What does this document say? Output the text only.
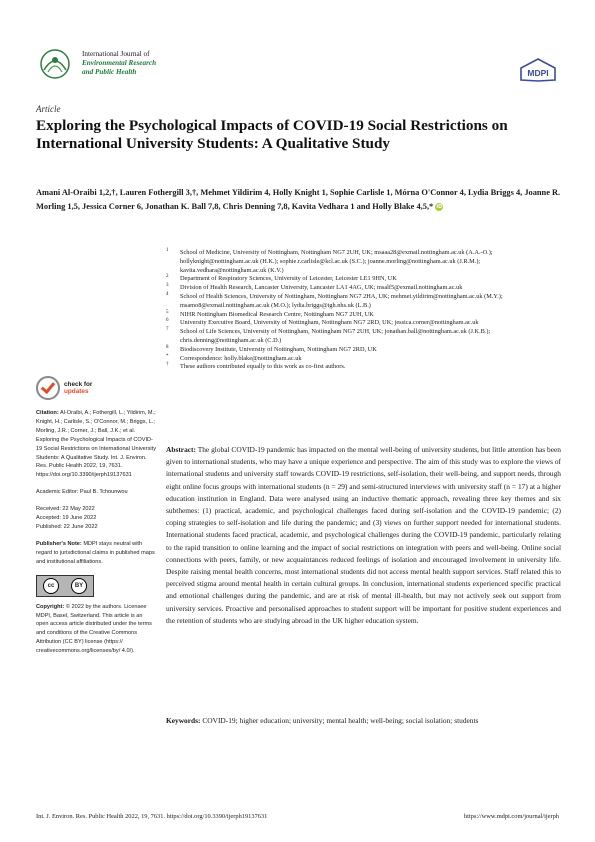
International Journal of
Environmental Research
and Public Health	MDPI
Article
Exploring the Psychological Impacts of COVID-19 Social Restrictions on International University Students: A Qualitative Study
Amani Al-Oraibi 1,2,†, Lauren Fothergill 3,†, Mehmet Yildirim 4, Holly Knight 1, Sophie Carlisle 1, Mórna O'Connor 4, Lydia Briggs 4, Joanne R. Morling 1,5, Jessica Corner 6, Jonathan K. Ball 7,8, Chris Denning 7,8, Kavita Vedhara 1 and Holly Blake 4,5,* iD
1 School of Medicine, University of Nottingham, Nottingham NG7 2UH, UK; msaaa28@exmail.nottingham.ac.uk (A.A.-O.); hollyknight@nottingham.ac.uk (H.K.); sophie.r.carlisle@kcl.ac.uk (S.C.); joanne.morling@nottingham.ac.uk (J.R.M.); kavita.vedhara@nottingham.ac.uk (K.V.)
2 Department of Respiratory Sciences, University of Leicester, Leicester LE1 9HN, UK
3 Division of Health Research, Lancaster University, Lancaster LA1 4AG, UK; msalf5@exmail.nottingham.ac.uk
4 School of Health Sciences, University of Nottingham, Nottingham NG7 2HA, UK; mehmet.yildirim@nottingham.ac.uk (M.Y.); msamo8@exmail.nottingham.ac.uk (M.O.); lydia.briggs@tgh.nhs.uk (L.B.)
5 NIHR Nottingham Biomedical Research Centre, Nottingham NG7 2UH, UK
6 University Executive Board, University of Nottingham, Nottingham NG7 2RD, UK; jessica.corner@nottingham.ac.uk
7 School of Life Sciences, University of Nottingham, Nottingham NG7 2UH, UK; jonathan.ball@nottingham.ac.uk (J.K.B.); chris.denning@nottingham.ac.uk (C.D.)
8 Biodiscovery Institute, University of Nottingham, Nottingham NG7 2RD, UK
* Correspondence: holly.blake@nottingham.ac.uk
† These authors contributed equally to this work as co-first authors.
check for
updates
Citation: Al-Oraibi, A.; Fothergill, L.; Yildirim, M.; Knight, H.; Carlisle, S.; O'Connor, M.; Briggs, L.; Morling, J.R.; Corner, J.; Ball, J.K.; et al. Exploring the Psychological Impacts of COVID-19 Social Restrictions on International University Students: A Qualitative Study. Int. J. Environ. Res. Public Health 2022, 19, 7631. https://doi.org/10.3390/ijerph19137631
Academic Editor: Paul B. Tchounwou
Received: 22 May 2022
Accepted: 19 June 2022
Published: 22 June 2022
Publisher's Note: MDPI stays neutral with regard to jurisdictional claims in published maps and institutional affiliations.
cc	BY
Copyright: © 2022 by the authors. Licensee MDPI, Basel, Switzerland. This article is an open access article distributed under the terms and conditions of the Creative Commons Attribution (CC BY) license (https:// creativecommons.org/licenses/by/ 4.0/).
Abstract: The global COVID-19 pandemic has impacted on the mental well-being of university students, but little attention has been given to international students, who may have a unique experience and perspective. The aim of this study was to explore the views of international students and university staff towards COVID-19 restrictions, self-isolation, their well-being, and support needs, through eight online focus groups with international students (n = 29) and semi-structured interviews with university staff (n = 17) at a higher education institution in England. Data were analysed using an inductive thematic approach, revealing three key themes and six subthemes: (1) practical, academic, and psychological challenges faced during self-isolation and the COVID-19 pandemic; (2) coping strategies to self-isolation and life during the pandemic; and (3) views on further support needed for international students. International students faced practical, academic, and psychological challenges during the COVID-19 pandemic, particularly relating to the rapid transition to online learning and the impact of social restrictions on integration with peers and well-being. Online social connections with peers, family, or new acquaintances reduced feelings of isolation and encouraged involvement in university life. Despite raising mental health concerns, most international students did not access mental health support services. Staff related this to perceived stigma around mental health in certain cultural groups. In conclusion, international students experienced specific practical and emotional challenges during the pandemic, and are at risk of mental ill-health, but may not actively seek out support from university services. Proactive and personalised approaches to student support will be important for positive student experiences and the retention of students who are studying abroad in the UK higher education system.
Keywords: COVID-19; higher education; university; mental health; well-being; social isolation; students
Int. J. Environ. Res. Public Health 2022, 19, 7631. https://doi.org/10.3390/ijerph19137631	https://www.mdpi.com/journal/ijerph
